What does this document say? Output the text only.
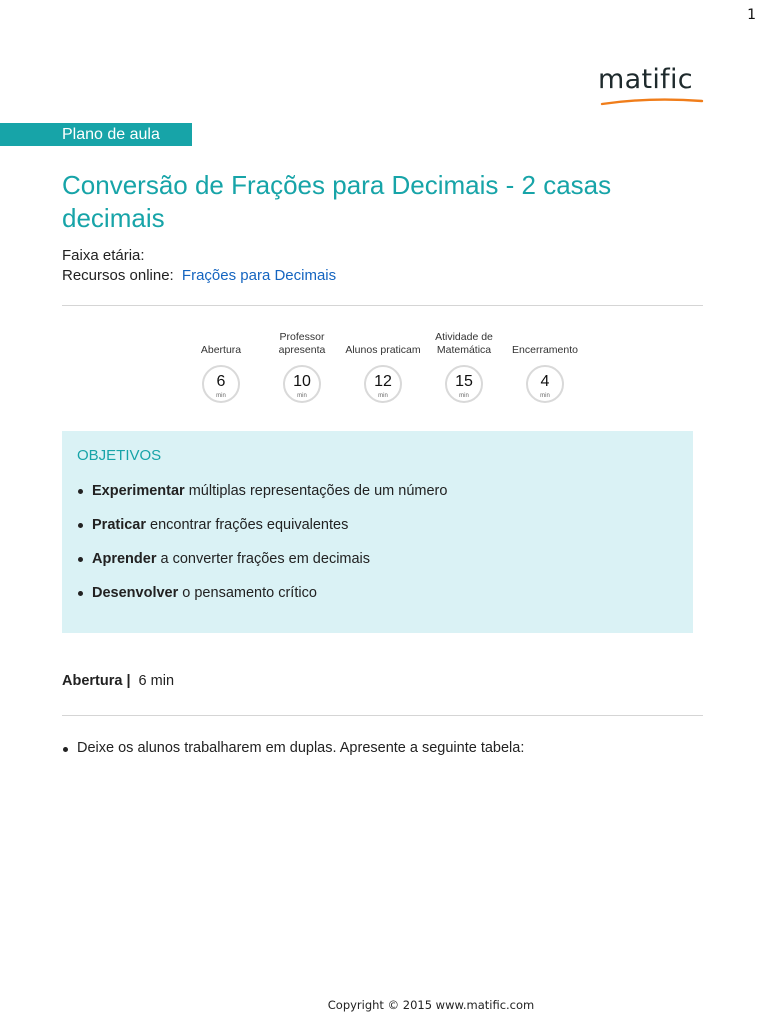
1
matific
Plano de aula
Conversão de Frações para Decimais - 2 casas decimais
Faixa etária:
Recursos online: Frações para Decimais
Abertura
6
min
Professor apresenta
10
min
Alunos praticam
12
min
Atividade de Matemática
15
min
Encerramento
4
min
OBJETIVOS
Experimentar múltiplas representações de um número
Praticar encontrar frações equivalentes
Aprender a converter frações em decimais
Desenvolver o pensamento crítico
Abertura | 6 min
Deixe os alunos trabalharem em duplas. Apresente a seguinte tabela:
Copyright © 2015 www.matific.com
